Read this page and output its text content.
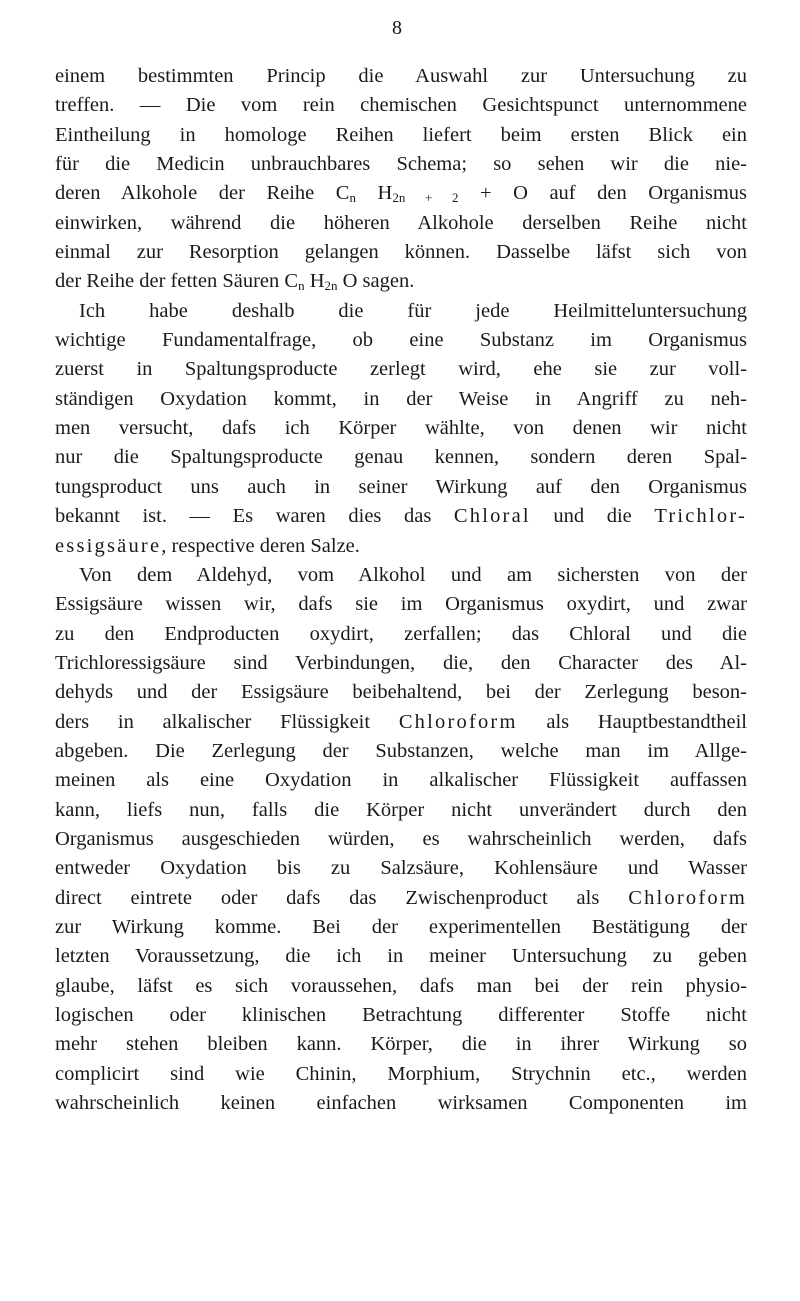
8
einem bestimmten Princip die Auswahl zur Untersuchung zu
treffen. — Die vom rein chemischen Gesichtspunct unternommene
Eintheilung in homologe Reihen liefert beim ersten Blick ein
für die Medicin unbrauchbares Schema; so sehen wir die nie-
deren Alkohole der Reihe $C_n$ $H_{2n + 2} + O$ auf den Organismus
einwirken, während die höheren Alkohole derselben Reihe nicht
einmal zur Resorption gelangen können. Dasselbe läfst sich von
der Reihe der fetten Säuren $C_n$ $H_{2n}$ O sagen.
Ich habe deshalb die für jede Heilmitteluntersuchung
wichtige Fundamentalfrage, ob eine Substanz im Organismus
zuerst in Spaltungsproducte zerlegt wird, ehe sie zur voll-
ständigen Oxydation kommt, in der Weise in Angriff zu neh-
men versucht, dafs ich Körper wählte, von denen wir nicht
nur die Spaltungsproducte genau kennen, sondern deren Spal-
tungsproduct uns auch in seiner Wirkung auf den Organismus
bekannt ist. — Es waren dies das Chloral und die Trichlor-
essigsäure, respective deren Salze.
Von dem Aldehyd, vom Alkohol und am sichersten von der
Essigsäure wissen wir, dafs sie im Organismus oxydirt, und zwar
zu den Endproducten oxydirt, zerfallen; das Chloral und die
Trichloressigsäure sind Verbindungen, die, den Character des Al-
dehyds und der Essigsäure beibehaltend, bei der Zerlegung beson-
ders in alkalischer Flüssigkeit Chloroform als Hauptbestandtheil
abgeben. Die Zerlegung der Substanzen, welche man im Allge-
meinen als eine Oxydation in alkalischer Flüssigkeit auffassen
kann, liefs nun, falls die Körper nicht unverändert durch den
Organismus ausgeschieden würden, es wahrscheinlich werden, dafs
entweder Oxydation bis zu Salzsäure, Kohlensäure und Wasser
direct eintrete oder dafs das Zwischenproduct als Chloroform
zur Wirkung komme. Bei der experimentellen Bestätigung der
letzten Voraussetzung, die ich in meiner Untersuchung zu geben
glaube, läfst es sich voraussehen, dafs man bei der rein physio-
logischen oder klinischen Betrachtung differenter Stoffe nicht
mehr stehen bleiben kann. Körper, die in ihrer Wirkung so
complicirt sind wie Chinin, Morphium, Strychnin etc., werden
wahrscheinlich keinen einfachen wirksamen Componenten im
